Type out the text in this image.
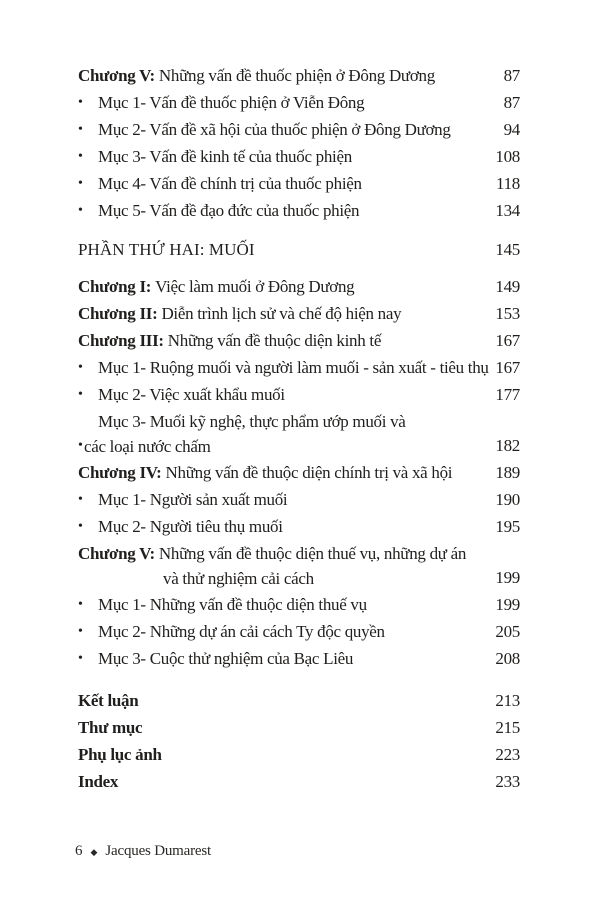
Chương V: Những vấn đề thuốc phiện ở Đông Dương	87
• Mục 1- Vấn đề thuốc phiện ở Viễn Đông	87
• Mục 2- Vấn đề xã hội của thuốc phiện ở Đông Dương	94
• Mục 3- Vấn đề kinh tế của thuốc phiện	108
• Mục 4- Vấn đề chính trị của thuốc phiện	118
• Mục 5- Vấn đề đạo đức của thuốc phiện	134
PHẦN THỨ HAI: MUỐI	145
Chương I: Việc làm muối ở Đông Dương	149
Chương II: Diễn trình lịch sử và chế độ hiện nay	153
Chương III: Những vấn đề thuộc diện kinh tế	167
• Mục 1- Ruộng muối và người làm muối - sản xuất - tiêu thụ 167
• Mục 2- Việc xuất khẩu muối	177
•
Mục 3- Muối kỹ nghệ, thực phẩm ướp muối và
các loại nước chấm	182
Chương IV: Những vấn đề thuộc diện chính trị và xã hội	189
• Mục 1- Người sản xuất muối	190
• Mục 2- Người tiêu thụ muối	195
Chương V: Những vấn đề thuộc diện thuế vụ, những dự án
và thử nghiệm cải cách	199
• Mục 1- Những vấn đề thuộc diện thuế vụ	199
• Mục 2- Những dự án cải cách Ty độc quyền	205
• Mục 3- Cuộc thử nghiệm của Bạc Liêu	208
Kết luận	213
Thư mục	215
Phụ lục ảnh	223
Index	233
6 ◆ Jacques Dumarest
